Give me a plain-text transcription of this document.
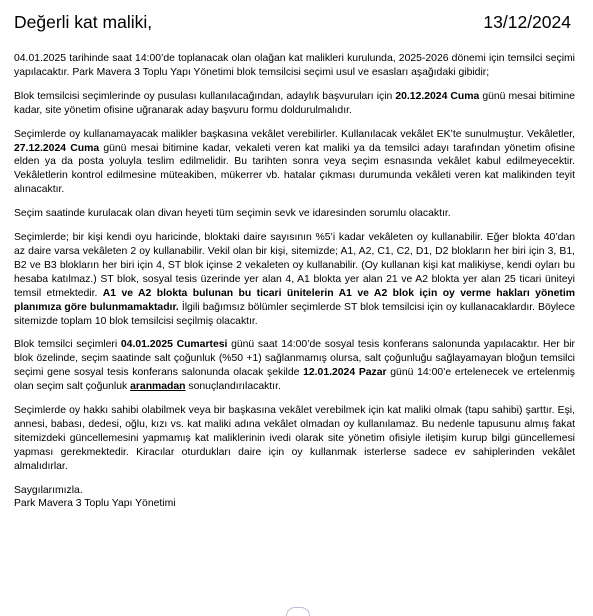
Değerli kat maliki,	13/12/2024

04.01.2025 tarihinde saat 14:00’de toplanacak olan olağan kat malikleri kurulunda, 2025-2026 dönemi için temsilci seçimi yapılacaktır. Park Mavera 3 Toplu Yapı Yönetimi blok temsilcisi seçimi usul ve esasları aşağıdaki gibidir;

Blok temsilcisi seçimlerinde oy pusulası kullanılacağından, adaylık başvuruları için 20.12.2024 Cuma günü mesai bitimine kadar, site yönetim ofisine uğranarak aday başvuru formu doldurulmalıdır.

Seçimlerde oy kullanamayacak malikler başkasına vekâlet verebilirler. Kullanılacak vekâlet EK’te sunulmuştur. Vekâletler, 27.12.2024 Cuma günü mesai bitimine kadar, vekaleti veren kat maliki ya da temsilci adayı tarafından yönetim ofisine elden ya da posta yoluyla teslim edilmelidir. Bu tarihten sonra veya seçim esnasında vekâlet kabul edilmeyecektir. Vekâletlerin kontrol edilmesine müteakiben, mükerrer vb. hatalar çıkması durumunda vekâleti veren kat malikinden teyit alınacaktır.

Seçim saatinde kurulacak olan divan heyeti tüm seçimin sevk ve idaresinden sorumlu olacaktır.

Seçimlerde; bir kişi kendi oyu haricinde, bloktaki daire sayısının %5’i kadar vekâleten oy kullanabilir. Eğer blokta 40’dan az daire varsa vekâleten 2 oy kullanabilir. Vekil olan bir kişi, sitemizde; A1, A2, C1, C2, D1, D2 blokların her biri için 3, B1, B2 ve B3 blokların her biri için 4, ST blok içinse 2 vekaleten oy kullanabilir. (Oy kullanan kişi kat malikiyse, kendi oyları bu hesaba katılmaz.) ST blok, sosyal tesis üzerinde yer alan 4, A1 blokta yer alan 21 ve A2 blokta yer alan 25 ticari üniteyi temsil etmektedir. A1 ve A2 blokta bulunan bu ticari ünitelerin A1 ve A2 blok için oy verme hakları yönetim planımıza göre bulunmamaktadır. İlgili bağımsız bölümler seçimlerde ST blok temsilcisi için oy kullanacaklardır. Böylece sitemizde toplam 10 blok temsilcisi seçilmiş olacaktır.

Blok temsilci seçimleri 04.01.2025 Cumartesi günü saat 14:00’de sosyal tesis konferans salonunda yapılacaktır. Her bir blok özelinde, seçim saatinde salt çoğunluk (%50 +1) sağlanmamış olursa, salt çoğunluğu sağlayamayan bloğun temsilci seçimi gene sosyal tesis konferans salonunda olacak şekilde 12.01.2024 Pazar günü 14:00’e ertelenecek ve ertelenmiş olan seçim salt çoğunluk aranmadan sonuçlandırılacaktır.

Seçimlerde oy hakkı sahibi olabilmek veya bir başkasına vekâlet verebilmek için kat maliki olmak (tapu sahibi) şarttır. Eşi, annesi, babası, dedesi, oğlu, kızı vs. kat maliki adına vekâlet olmadan oy kullanılamaz. Bu nedenle tapusunu almış fakat sitemizdeki güncellemesini yapmamış kat maliklerinin ivedi olarak site yönetim ofisiyle iletişim kurup bilgi güncellemesi yapması gerekmektedir. Kiracılar oturdukları daire için oy kullanmak isterlerse sadece ev sahiplerinden vekâlet almalıdırlar.

Saygılarımızla.

Park Mavera 3 Toplu Yapı Yönetimi
